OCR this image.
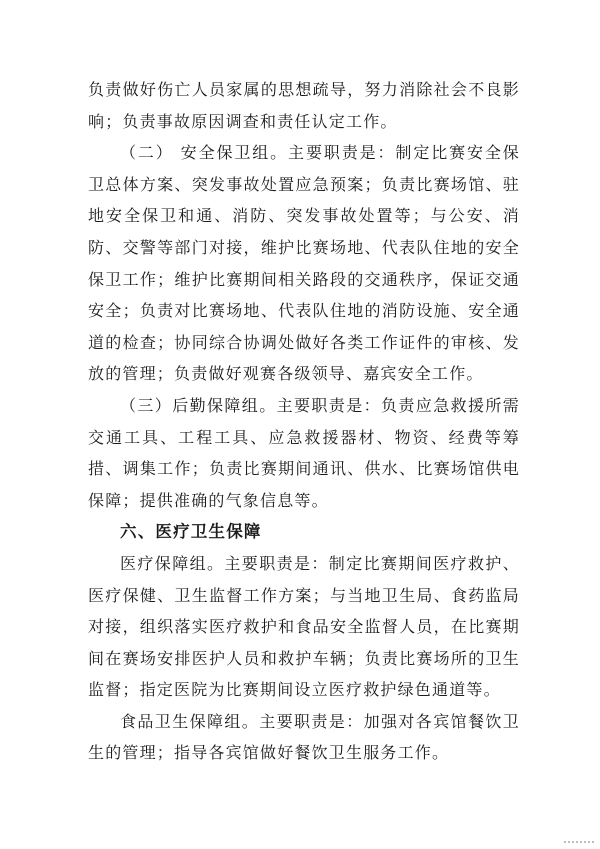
负责做好伤亡人员家属的思想疏导，努力消除社会不良影响；负责事故原因调查和责任认定工作。

（二） 安全保卫组。主要职责是：制定比赛安全保卫总体方案、突发事故处置应急预案；负责比赛场馆、驻地安全保卫和通、消防、突发事故处置等；与公安、消防、交警等部门对接，维护比赛场地、代表队住地的安全保卫工作；维护比赛期间相关路段的交通秩序，保证交通安全；负责对比赛场地、代表队住地的消防设施、安全通道的检查；协同综合协调处做好各类工作证件的审核、发放的管理；负责做好观赛各级领导、嘉宾安全工作。

（三）后勤保障组。主要职责是：负责应急救援所需交通工具、工程工具、应急救援器材、物资、经费等筹措、调集工作；负责比赛期间通讯、供水、比赛场馆供电保障；提供准确的气象信息等。

六、医疗卫生保障

医疗保障组。主要职责是：制定比赛期间医疗救护、医疗保健、卫生监督工作方案；与当地卫生局、食药监局对接，组织落实医疗救护和食品安全监督人员，在比赛期间在赛场安排医护人员和救护车辆；负责比赛场所的卫生监督；指定医院为比赛期间设立医疗救护绿色通道等。

食品卫生保障组。主要职责是：加强对各宾馆餐饮卫生的管理；指导各宾馆做好餐饮卫生服务工作。
